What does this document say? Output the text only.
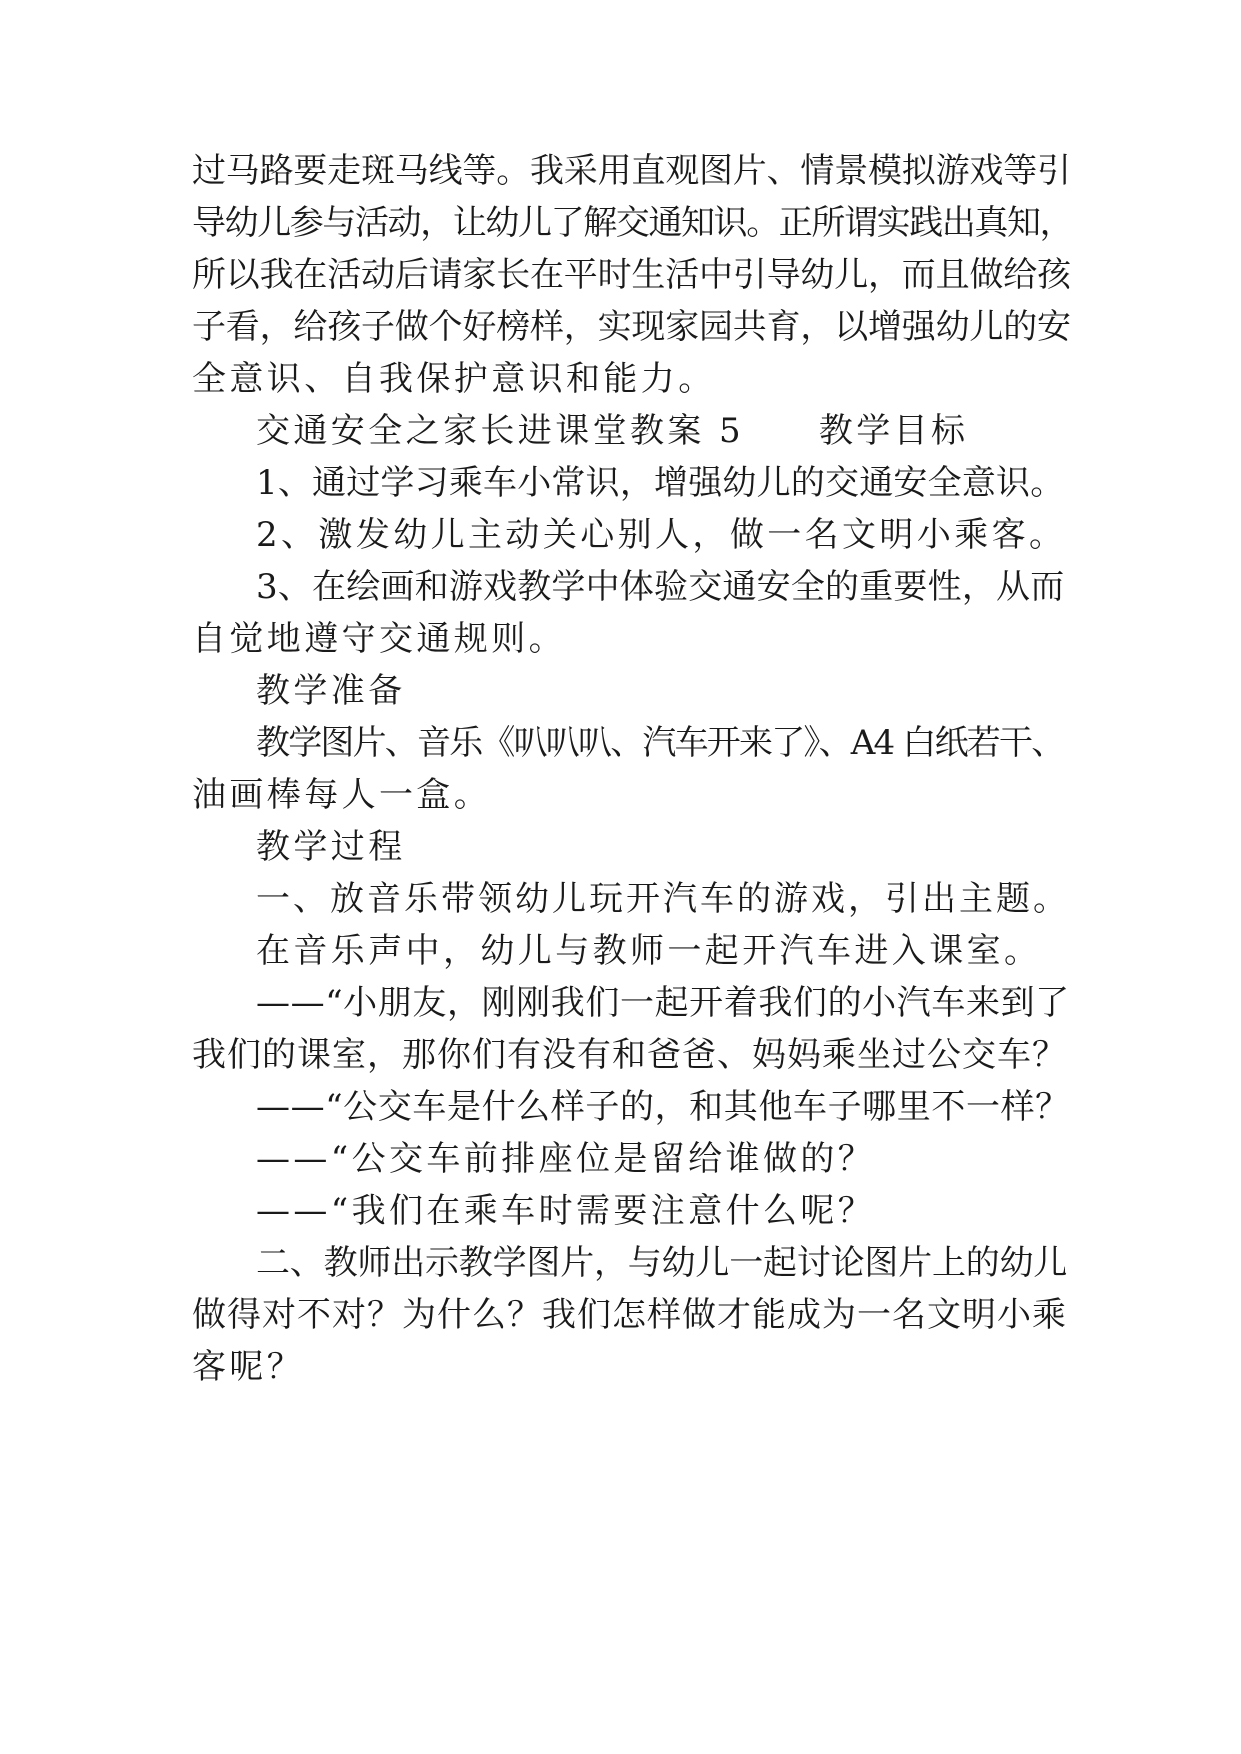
过马路要走斑马线等。我采用直观图片、情景模拟游戏等引
导幼儿参与活动，让幼儿了解交通知识。正所谓实践出真知，
所以我在活动后请家长在平时生活中引导幼儿，而且做给孩
子看，给孩子做个好榜样，实现家园共育，以增强幼儿的安
全意识、自我保护意识和能力。
交通安全之家长进课堂教案 5　　教学目标
1、通过学习乘车小常识，增强幼儿的交通安全意识。
2、激发幼儿主动关心别人，做一名文明小乘客。
3、在绘画和游戏教学中体验交通安全的重要性，从而
自觉地遵守交通规则。
教学准备
教学图片、音乐《叭叭叭、汽车开来了》、A4 白纸若干、
油画棒每人一盒。
教学过程
一、放音乐带领幼儿玩开汽车的游戏，引出主题。
在音乐声中，幼儿与教师一起开汽车进入课室。
——“小朋友，刚刚我们一起开着我们的小汽车来到了
我们的课室，那你们有没有和爸爸、妈妈乘坐过公交车？
——“公交车是什么样子的，和其他车子哪里不一样？
——“公交车前排座位是留给谁做的？
——“我们在乘车时需要注意什么呢？
二、教师出示教学图片，与幼儿一起讨论图片上的幼儿
做得对不对？为什么？我们怎样做才能成为一名文明小乘
客呢？
